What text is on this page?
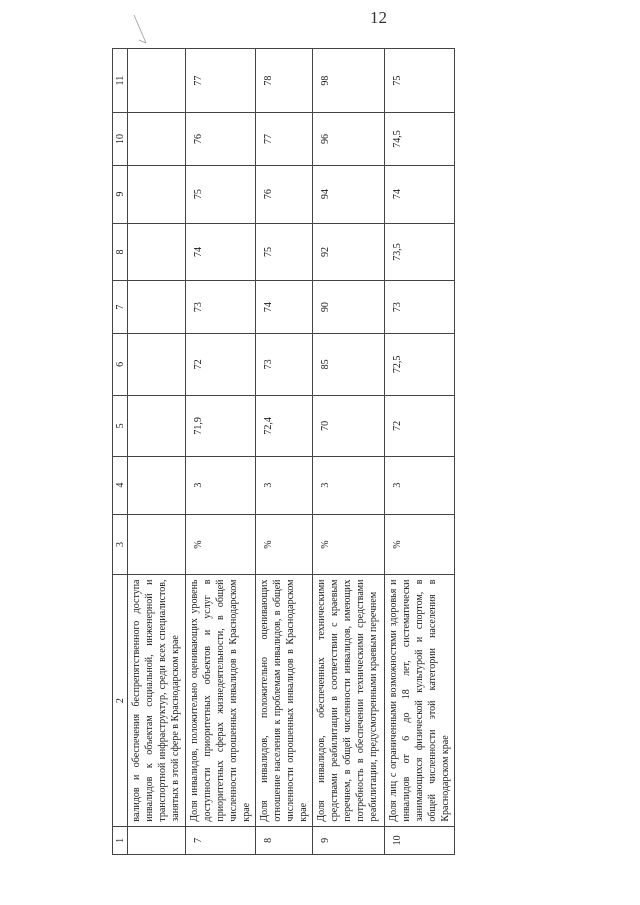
12
1	2	3	4	5	6	7	8	9	10	11
	валидов и обеспечения беспрепятственного доступа инвалидов к объектам социальной, инженерной и транспортной инфраструктур, среди всех специалистов, занятых в этой сфере в Краснодарском крае									
7	Доля инвалидов, положительно оценивающих уровень доступности приоритетных объектов и услуг в приоритетных сферах жизнедеятельности, в общей численности опрошенных инвалидов в Краснодарском крае	%	3	71,9	72	73	74	75	76	77
8	Доля инвалидов, положительно оценивающих отношение населения к проблемам инвалидов, в общей численности опрошенных инвалидов в Краснодарском крае	%	3	72,4	73	74	75	76	77	78
9	Доля инвалидов, обеспеченных техническими средствами реабилитации в соответствии с краевым перечнем, в общей численности инвалидов, имеющих потребность в обеспечении техническими средствами реабилитации, предусмотренными краевым перечнем	%	3	70	85	90	92	94	96	98
10	Доля лиц с ограниченными возможностями здоровья и инвалидов от 6 до 18 лет, систематически занимающихся физической культурой и спортом, в общей численности этой категории населения в Краснодарском крае	%	3	72	72,5	73	73,5	74	74,5	75
